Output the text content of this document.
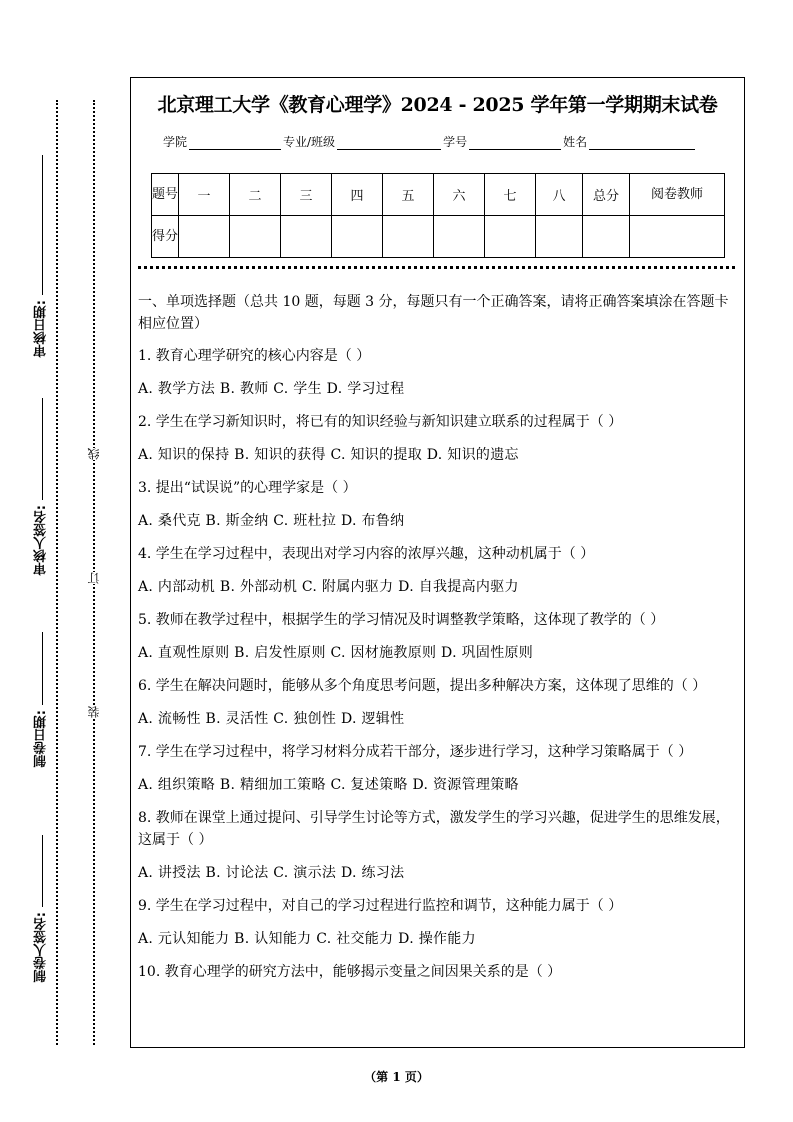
审核日期:
审核人签名:
制卷日期:
制卷人签名:
线
订
装
北京理工大学《教育心理学》2024 - 2025 学年第一学期期末试卷
学院	专业/班级	学号	姓名
题号	一	二	三	四	五	六	七	八	总分	阅卷教师
得分										

一、单项选择题（总共 10 题，每题 3 分，每题只有一个正确答案，请将正确答案填涂在答题卡相应位置）

1. 教育心理学研究的核心内容是（ ）

A. 教学方法 B. 教师 C. 学生 D. 学习过程

2. 学生在学习新知识时，将已有的知识经验与新知识建立联系的过程属于（ ）

A. 知识的保持 B. 知识的获得 C. 知识的提取 D. 知识的遗忘

3. 提出“试误说”的心理学家是（ ）

A. 桑代克 B. 斯金纳 C. 班杜拉 D. 布鲁纳

4. 学生在学习过程中，表现出对学习内容的浓厚兴趣，这种动机属于（ ）

A. 内部动机 B. 外部动机 C. 附属内驱力 D. 自我提高内驱力

5. 教师在教学过程中，根据学生的学习情况及时调整教学策略，这体现了教学的（ ）

A. 直观性原则 B. 启发性原则 C. 因材施教原则 D. 巩固性原则

6. 学生在解决问题时，能够从多个角度思考问题，提出多种解决方案，这体现了思维的（ ）

A. 流畅性 B. 灵活性 C. 独创性 D. 逻辑性

7. 学生在学习过程中，将学习材料分成若干部分，逐步进行学习，这种学习策略属于（ ）

A. 组织策略 B. 精细加工策略 C. 复述策略 D. 资源管理策略

8. 教师在课堂上通过提问、引导学生讨论等方式，激发学生的学习兴趣，促进学生的思维发展，这属于（ ）

A. 讲授法 B. 讨论法 C. 演示法 D. 练习法

9. 学生在学习过程中，对自己的学习过程进行监控和调节，这种能力属于（ ）

A. 元认知能力 B. 认知能力 C. 社交能力 D. 操作能力

10. 教育心理学的研究方法中，能够揭示变量之间因果关系的是（ ）

（第 1 页）
